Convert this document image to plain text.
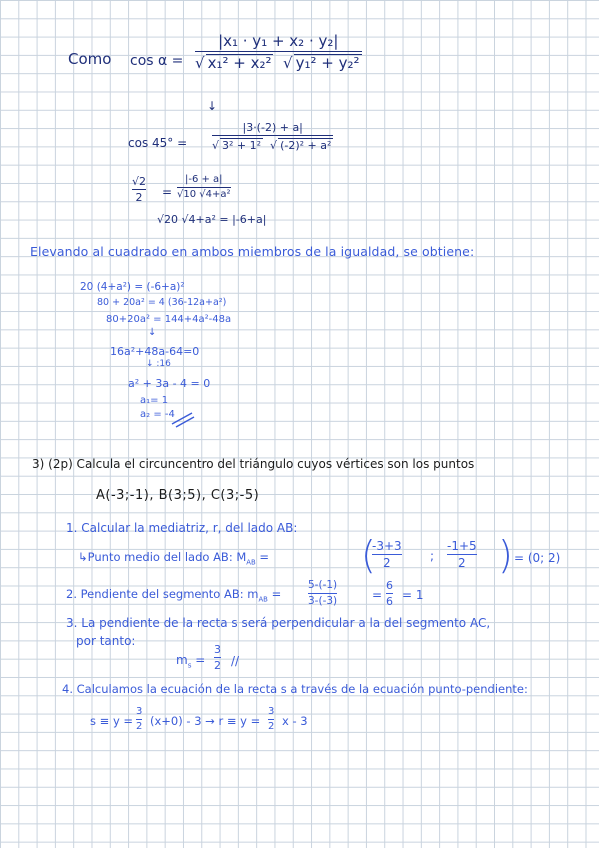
Como cos α =
|x₁ · y₁ + x₂ · y₂|
√ x₁² + x₂² √ y₁² + y₂²
↓
cos 45° =
|3·(-2) + a|
√ 3² + 1² √ (-2)² + a²
√2
2 =
|-6 + a|
√10 √4+a²
√20 √4+a² = |-6+a|
Elevando al cuadrado en ambos miembros de la igualdad, se obtiene:
20 (4+a²) = (-6+a)²
80 + 20a² = 4 (36-12a+a²)
80+20a² = 144+4a²-48a
↓
16a²+48a-64=0
↓ :16
a² + 3a - 4 = 0
a₁= 1
a₂ = -4
3) (2p) Calcula el circuncentro del triángulo cuyos vértices son los puntos
A(-3;-1), B(3;5), C(3;-5)
1. Calcular la mediatriz, r, del lado AB:
↳Punto medio del lado AB: $M_{AB}$ = (
-3+3
2	;
-1+5
2 ) = (0; 2)
2. Pendiente del segmento AB: $m_{AB}$ =
5-(-1)
3-(-3)	=
6
6 = 1
3. La pendiente de la recta s será perpendicular a la del segmento AC,
por tanto:
$m_s$ =
3
2 //
4. Calculamos la ecuación de la recta s a través de la ecuación punto-pendiente:
s ≡ y =
3
2 (x+0) - 3 → r ≡ y =
3
2 x - 3
